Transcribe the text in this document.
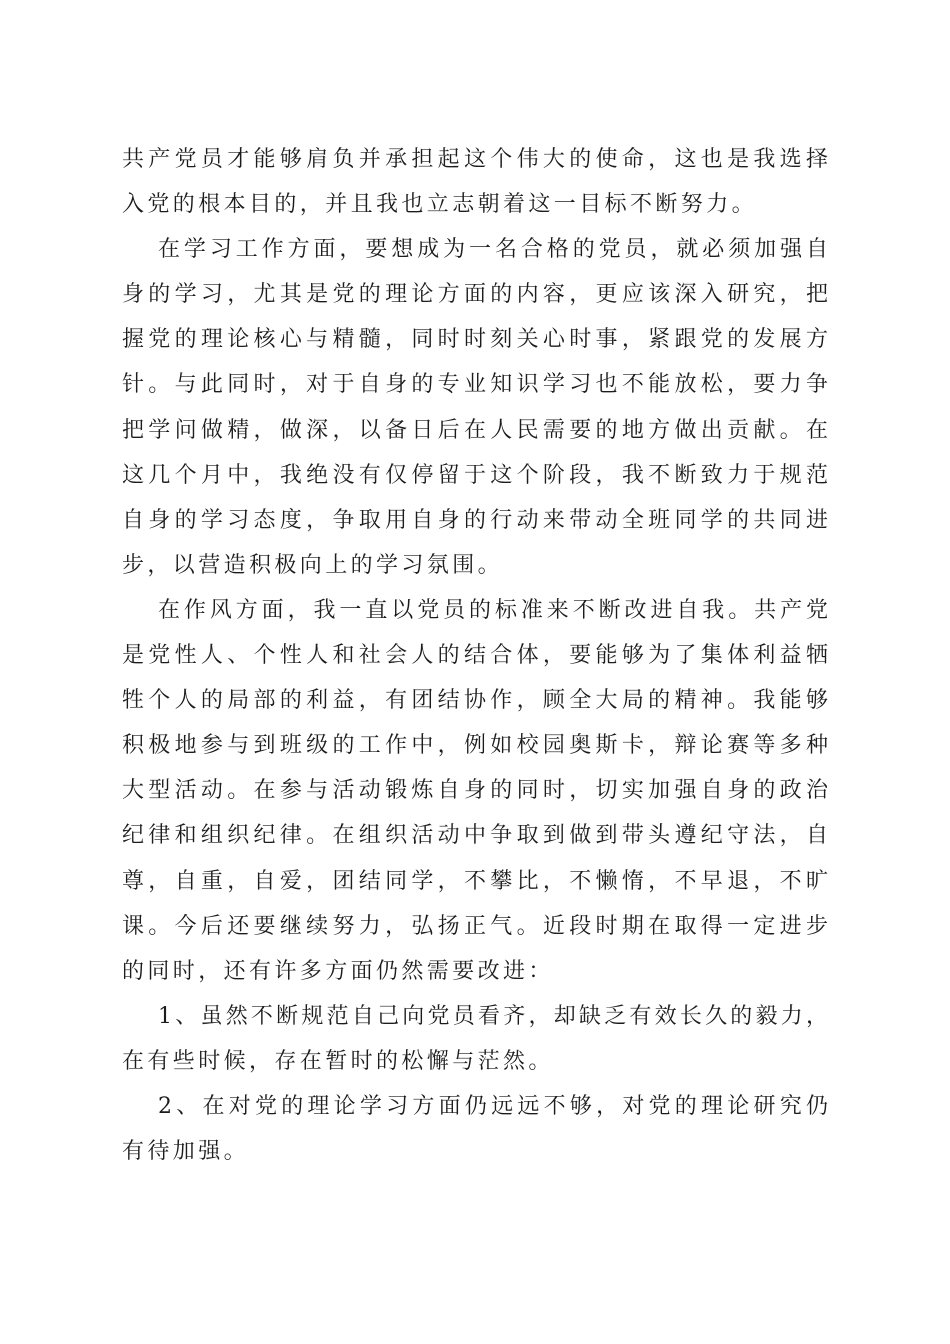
共产党员才能够肩负并承担起这个伟大的使命，这也是我选择
入党的根本目的，并且我也立志朝着这一目标不断努力。
在学习工作方面，要想成为一名合格的党员，就必须加强自
身的学习，尤其是党的理论方面的内容，更应该深入研究，把
握党的理论核心与精髓，同时时刻关心时事，紧跟党的发展方
针。与此同时，对于自身的专业知识学习也不能放松，要力争
把学问做精，做深，以备日后在人民需要的地方做出贡献。在
这几个月中，我绝没有仅停留于这个阶段，我不断致力于规范
自身的学习态度，争取用自身的行动来带动全班同学的共同进
步，以营造积极向上的学习氛围。
在作风方面，我一直以党员的标准来不断改进自我。共产党
是党性人、个性人和社会人的结合体，要能够为了集体利益牺
牲个人的局部的利益，有团结协作，顾全大局的精神。我能够
积极地参与到班级的工作中，例如校园奥斯卡，辩论赛等多种
大型活动。在参与活动锻炼自身的同时，切实加强自身的政治
纪律和组织纪律。在组织活动中争取到做到带头遵纪守法，自
尊，自重，自爱，团结同学，不攀比，不懒惰，不早退，不旷
课。今后还要继续努力，弘扬正气。近段时期在取得一定进步
的同时，还有许多方面仍然需要改进：
1、虽然不断规范自己向党员看齐，却缺乏有效长久的毅力，
在有些时候，存在暂时的松懈与茫然。
2、在对党的理论学习方面仍远远不够，对党的理论研究仍
有待加强。
